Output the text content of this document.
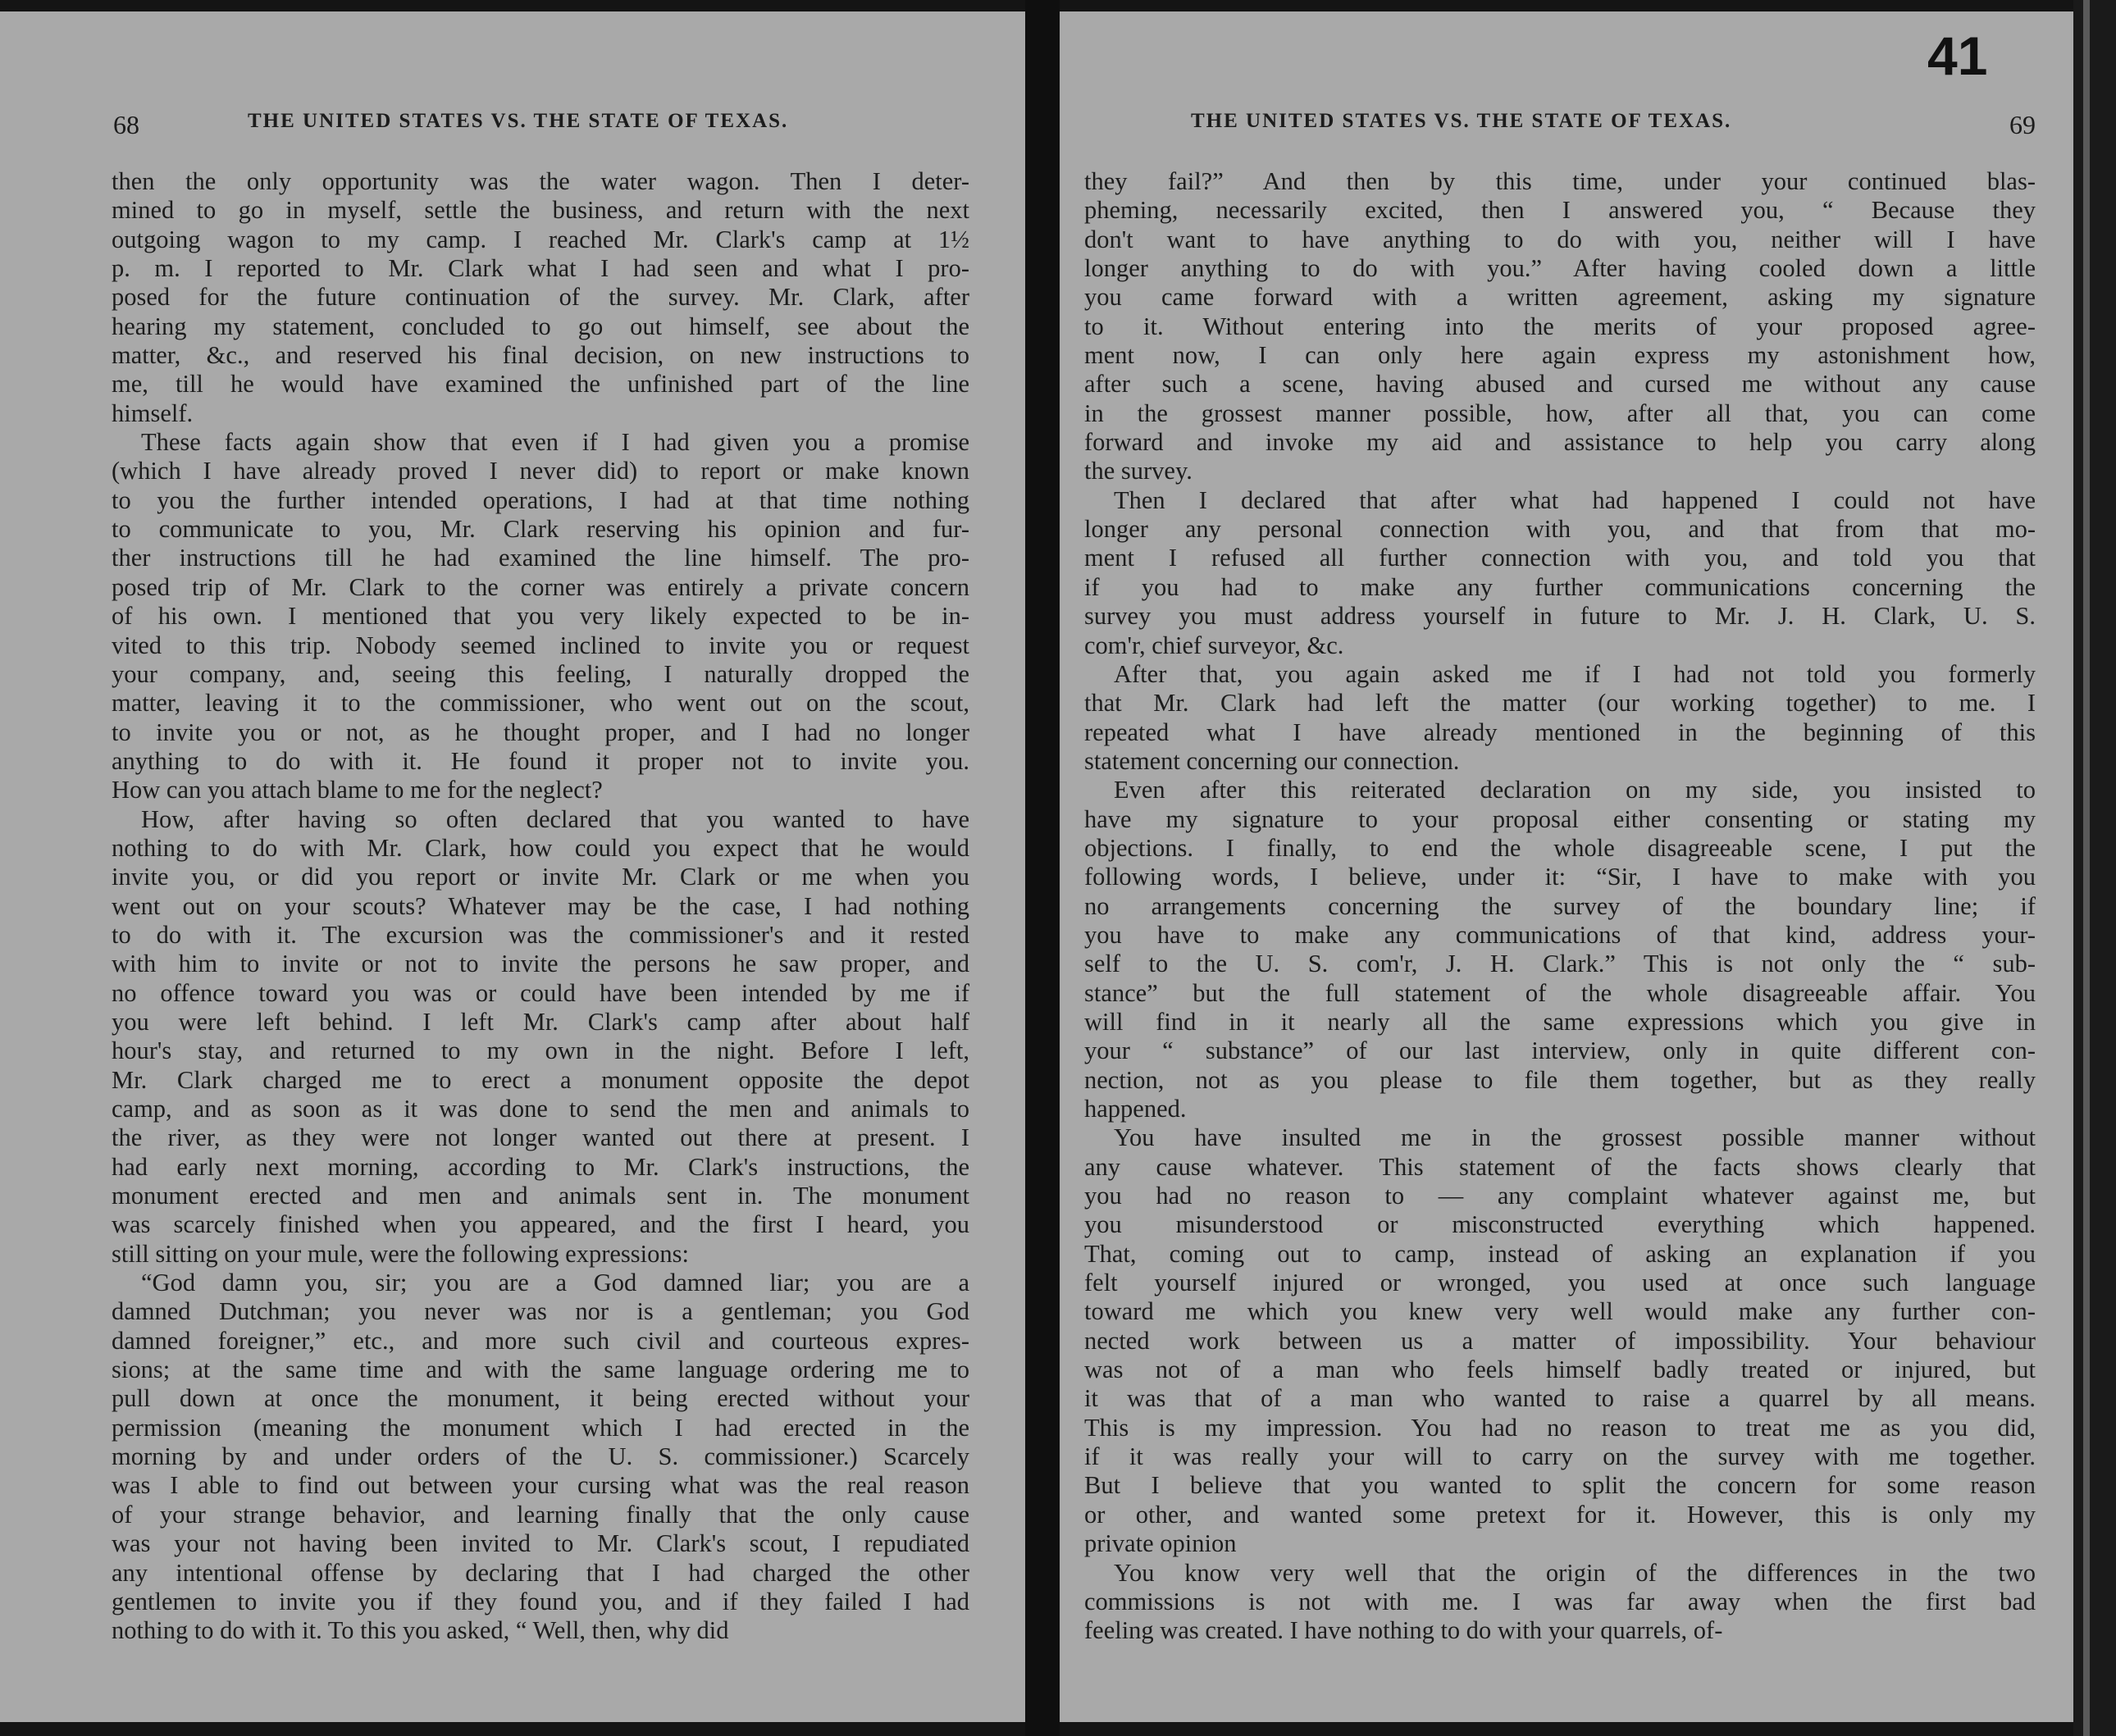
68	THE UNITED STATES VS. THE STATE OF TEXAS.
then the only opportunity was the water wagon. Then I deter-
mined to go in myself, settle the business, and return with the next
outgoing wagon to my camp. I reached Mr. Clark's camp at 1½
p. m. I reported to Mr. Clark what I had seen and what I pro-
posed for the future continuation of the survey. Mr. Clark, after
hearing my statement, concluded to go out himself, see about the
matter, &c., and reserved his final decision, on new instructions to
me, till he would have examined the unfinished part of the line
himself.
These facts again show that even if I had given you a promise
(which I have already proved I never did) to report or make known
to you the further intended operations, I had at that time nothing
to communicate to you, Mr. Clark reserving his opinion and fur-
ther instructions till he had examined the line himself. The pro-
posed trip of Mr. Clark to the corner was entirely a private concern
of his own. I mentioned that you very likely expected to be in-
vited to this trip. Nobody seemed inclined to invite you or request
your company, and, seeing this feeling, I naturally dropped the
matter, leaving it to the commissioner, who went out on the scout,
to invite you or not, as he thought proper, and I had no longer
anything to do with it. He found it proper not to invite you.
How can you attach blame to me for the neglect?
How, after having so often declared that you wanted to have
nothing to do with Mr. Clark, how could you expect that he would
invite you, or did you report or invite Mr. Clark or me when you
went out on your scouts? Whatever may be the case, I had nothing
to do with it. The excursion was the commissioner's and it rested
with him to invite or not to invite the persons he saw proper, and
no offence toward you was or could have been intended by me if
you were left behind. I left Mr. Clark's camp after about half
hour's stay, and returned to my own in the night. Before I left,
Mr. Clark charged me to erect a monument opposite the depot
camp, and as soon as it was done to send the men and animals to
the river, as they were not longer wanted out there at present. I
had early next morning, according to Mr. Clark's instructions, the
monument erected and men and animals sent in. The monument
was scarcely finished when you appeared, and the first I heard, you
still sitting on your mule, were the following expressions:
“God damn you, sir; you are a God damned liar; you are a
damned Dutchman; you never was nor is a gentleman; you God
damned foreigner,” etc., and more such civil and courteous expres-
sions; at the same time and with the same language ordering me to
pull down at once the monument, it being erected without your
permission (meaning the monument which I had erected in the
morning by and under orders of the U. S. commissioner.) Scarcely
was I able to find out between your cursing what was the real reason
of your strange behavior, and learning finally that the only cause
was your not having been invited to Mr. Clark's scout, I repudiated
any intentional offense by declaring that I had charged the other
gentlemen to invite you if they found you, and if they failed I had
nothing to do with it. To this you asked, “ Well, then, why did
THE UNITED STATES VS. THE STATE OF TEXAS.	69
they fail?” And then by this time, under your continued blas-
pheming, necessarily excited, then I answered you, “ Because they
don't want to have anything to do with you, neither will I have
longer anything to do with you.” After having cooled down a little
you came forward with a written agreement, asking my signature
to it. Without entering into the merits of your proposed agree-
ment now, I can only here again express my astonishment how,
after such a scene, having abused and cursed me without any cause
in the grossest manner possible, how, after all that, you can come
forward and invoke my aid and assistance to help you carry along
the survey.
Then I declared that after what had happened I could not have
longer any personal connection with you, and that from that mo-
ment I refused all further connection with you, and told you that
if you had to make any further communications concerning the
survey you must address yourself in future to Mr. J. H. Clark, U. S.
com'r, chief surveyor, &c.
After that, you again asked me if I had not told you formerly
that Mr. Clark had left the matter (our working together) to me. I
repeated what I have already mentioned in the beginning of this
statement concerning our connection.
Even after this reiterated declaration on my side, you insisted to
have my signature to your proposal either consenting or stating my
objections. I finally, to end the whole disagreeable scene, I put the
following words, I believe, under it: “Sir, I have to make with you
no arrangements concerning the survey of the boundary line; if
you have to make any communications of that kind, address your-
self to the U. S. com'r, J. H. Clark.” This is not only the “ sub-
stance” but the full statement of the whole disagreeable affair. You
will find in it nearly all the same expressions which you give in
your “ substance” of our last interview, only in quite different con-
nection, not as you please to file them together, but as they really
happened.
You have insulted me in the grossest possible manner without
any cause whatever. This statement of the facts shows clearly that
you had no reason to — any complaint whatever against me, but
you misunderstood or misconstructed everything which happened.
That, coming out to camp, instead of asking an explanation if you
felt yourself injured or wronged, you used at once such language
toward me which you knew very well would make any further con-
nected work between us a matter of impossibility. Your behaviour
was not of a man who feels himself badly treated or injured, but
it was that of a man who wanted to raise a quarrel by all means.
This is my impression. You had no reason to treat me as you did,
if it was really your will to carry on the survey with me together.
But I believe that you wanted to split the concern for some reason
or other, and wanted some pretext for it. However, this is only my
private opinion
You know very well that the origin of the differences in the two
commissions is not with me. I was far away when the first bad
feeling was created. I have nothing to do with your quarrels, of-
41
